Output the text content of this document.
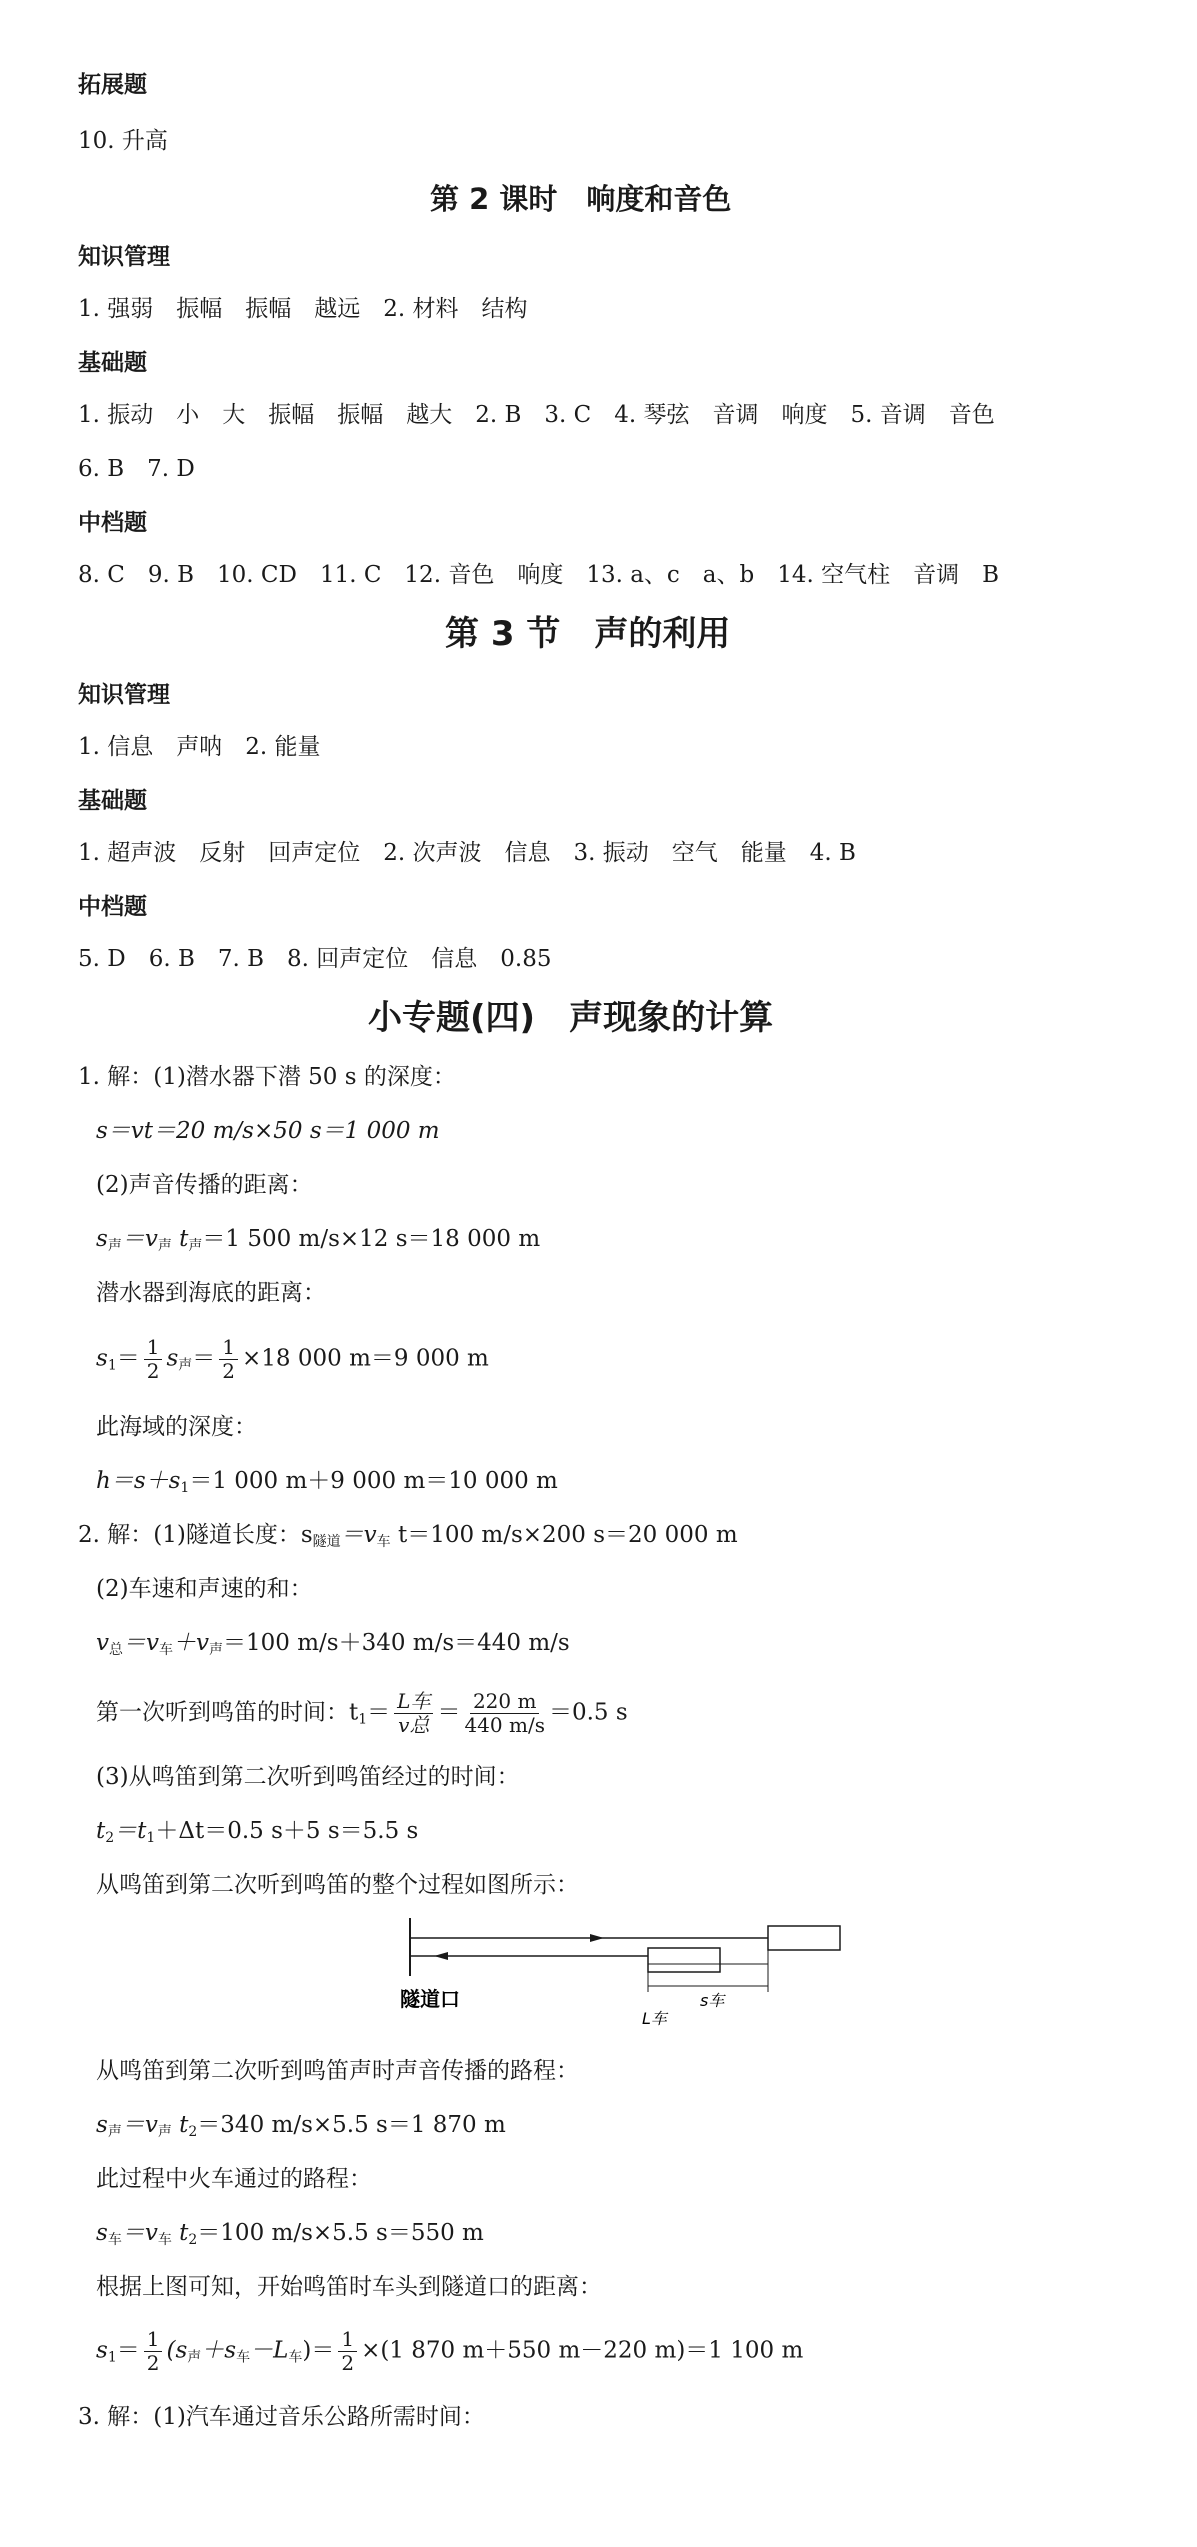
拓展题
10. 升高
第 2 课时　响度和音色
知识管理
1. 强弱　振幅　振幅　越远　2. 材料　结构
基础题
1. 振动　小　大　振幅　振幅　越大　2. B　3. C　4. 琴弦　音调　响度　5. 音调　音色
6. B　7. D
中档题
8. C　9. B　10. CD　11. C　12. 音色　响度　13. a、c　a、b　14. 空气柱　音调　B
第 3 节　声的利用
知识管理
1. 信息　声呐　2. 能量
基础题
1. 超声波　反射　回声定位　2. 次声波　信息　3. 振动　空气　能量　4. B
中档题
5. D　6. B　7. B　8. 回声定位　信息　0.85
小专题(四)　声现象的计算
1. 解：(1)潜水器下潜 50 s 的深度：
s＝vt＝20 m/s×50 s＝1 000 m
(2)声音传播的距离：
$s_声=v_声$ $t_声=1$ 500 m/s×12 s＝18 000 m
潜水器到海底的距离：
$s_1= \frac{1}{2} s_声= \frac{1}{2} \times 18$ 000 m＝9 000 m
此海域的深度：
$h=s+s_1=1$ 000 m＋9 000 m＝10 000 m
2. 解：(1)隧道长度：$s_{隧道}=v_车$ t＝100 m/s×200 s＝20 000 m
(2)车速和声速的和：
$v_总=v_车+v_声=100$ m/s＋340 m/s＝440 m/s
第一次听到鸣笛的时间：$t_1= \frac{\text{L车}}{\text{v总}} = \frac{220 m}{440 m/s} =0.5$ s
(3)从鸣笛到第二次听到鸣笛经过的时间：
$t_2=t_1+\Delta t=0.5$ s＋5 s＝5.5 s
从鸣笛到第二次听到鸣笛的整个过程如图所示：
s车
L车
隧道口
从鸣笛到第二次听到鸣笛声时声音传播的路程：
$s_声=v_声$ $t_2=340$ m/s×5.5 s＝1 870 m
此过程中火车通过的路程：
$s_车=v_车$ $t_2=100$ m/s×5.5 s＝550 m
根据上图可知，开始鸣笛时车头到隧道口的距离：
$s_1= \frac{1}{2} (s_声+s_车-L_车)= \frac{1}{2} \times(1$ 870 m＋550 m－220 m)＝1 100 m
3. 解：(1)汽车通过音乐公路所需时间：
